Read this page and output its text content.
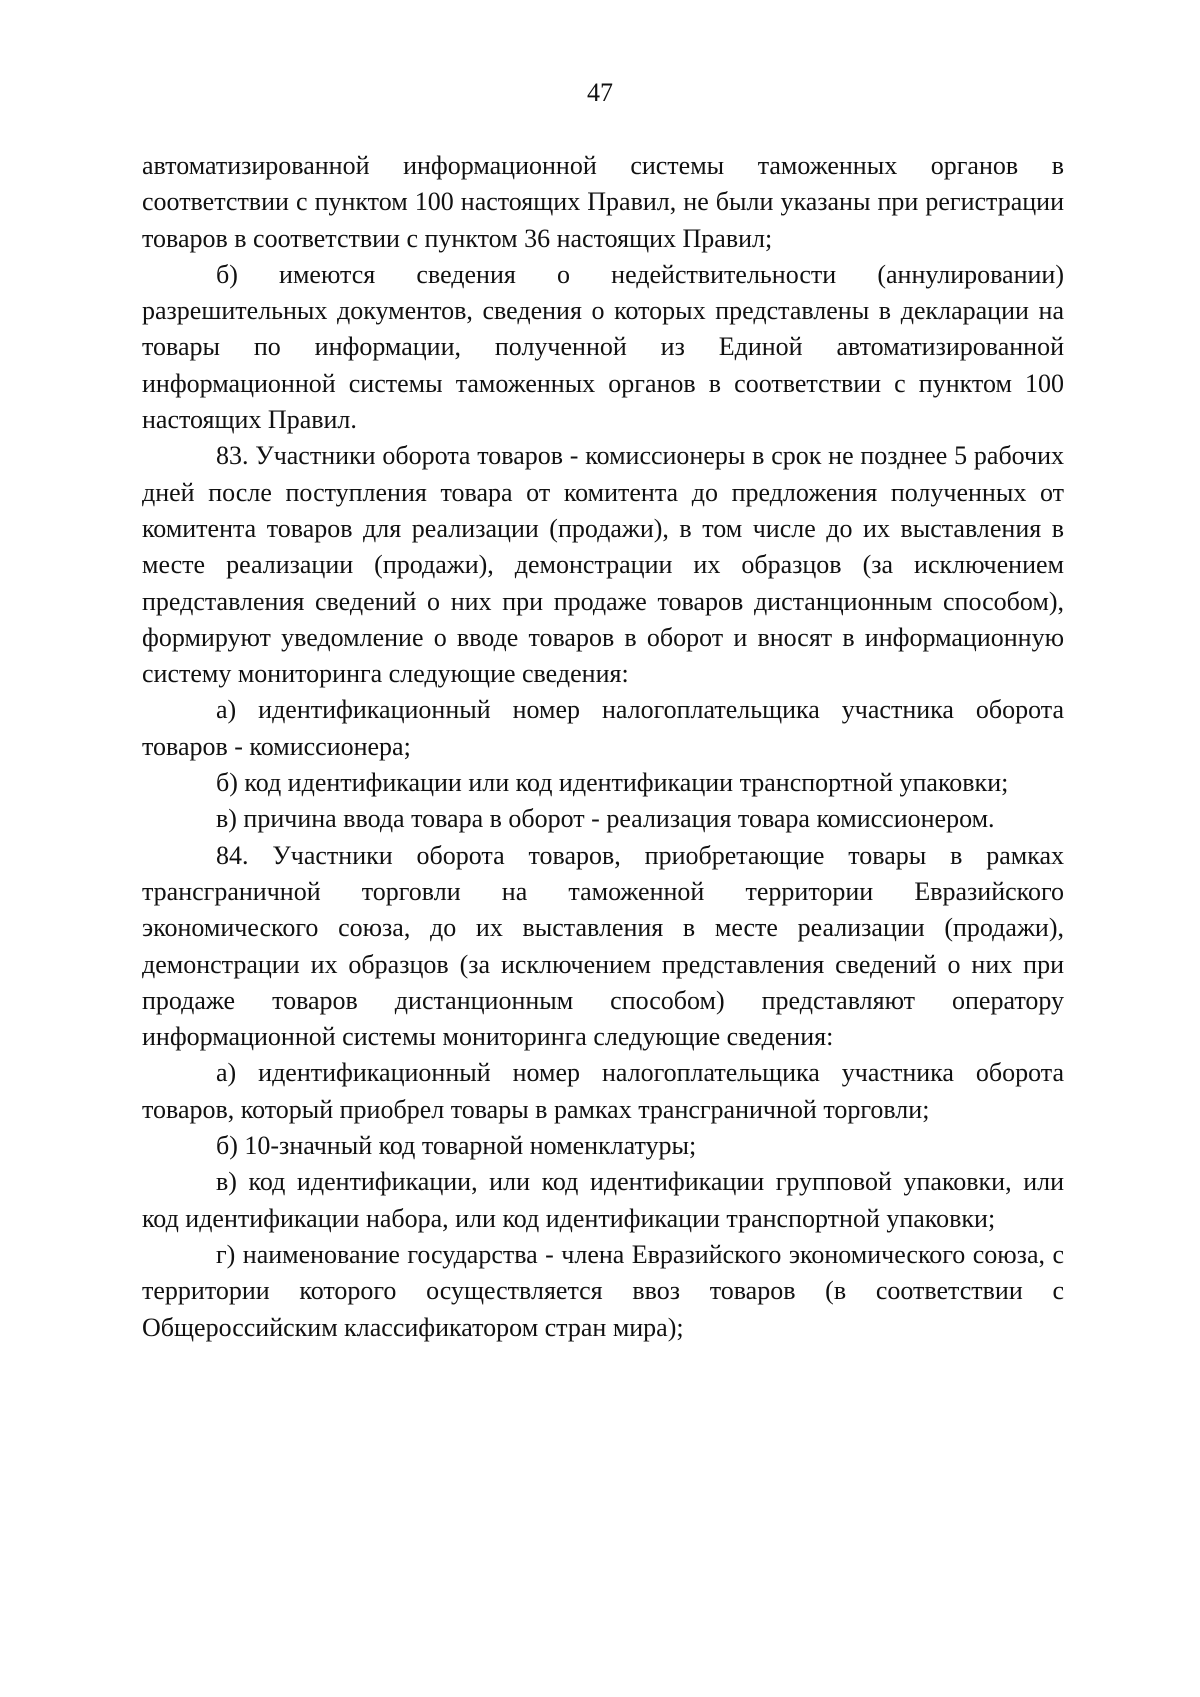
47

автоматизированной информационной системы таможенных органов в соответствии с пунктом 100 настоящих Правил, не были указаны при регистрации товаров в соответствии с пунктом 36 настоящих Правил;

б) имеются сведения о недействительности (аннулировании) разрешительных документов, сведения о которых представлены в декларации на товары по информации, полученной из Единой автоматизированной информационной системы таможенных органов в соответствии с пунктом 100 настоящих Правил.

83. Участники оборота товаров - комиссионеры в срок не позднее 5 рабочих дней после поступления товара от комитента до предложения полученных от комитента товаров для реализации (продажи), в том числе до их выставления в месте реализации (продажи), демонстрации их образцов (за исключением представления сведений о них при продаже товаров дистанционным способом), формируют уведомление о вводе товаров в оборот и вносят в информационную систему мониторинга следующие сведения:

а) идентификационный номер налогоплательщика участника оборота товаров - комиссионера;

б) код идентификации или код идентификации транспортной упаковки;

в) причина ввода товара в оборот - реализация товара комиссионером.

84. Участники оборота товаров, приобретающие товары в рамках трансграничной торговли на таможенной территории Евразийского экономического союза, до их выставления в месте реализации (продажи), демонстрации их образцов (за исключением представления сведений о них при продаже товаров дистанционным способом) представляют оператору информационной системы мониторинга следующие сведения:

а) идентификационный номер налогоплательщика участника оборота товаров, который приобрел товары в рамках трансграничной торговли;

б) 10-значный код товарной номенклатуры;

в) код идентификации, или код идентификации групповой упаковки, или код идентификации набора, или код идентификации транспортной упаковки;

г) наименование государства - члена Евразийского экономического союза, с территории которого осуществляется ввоз товаров (в соответствии с Общероссийским классификатором стран мира);
